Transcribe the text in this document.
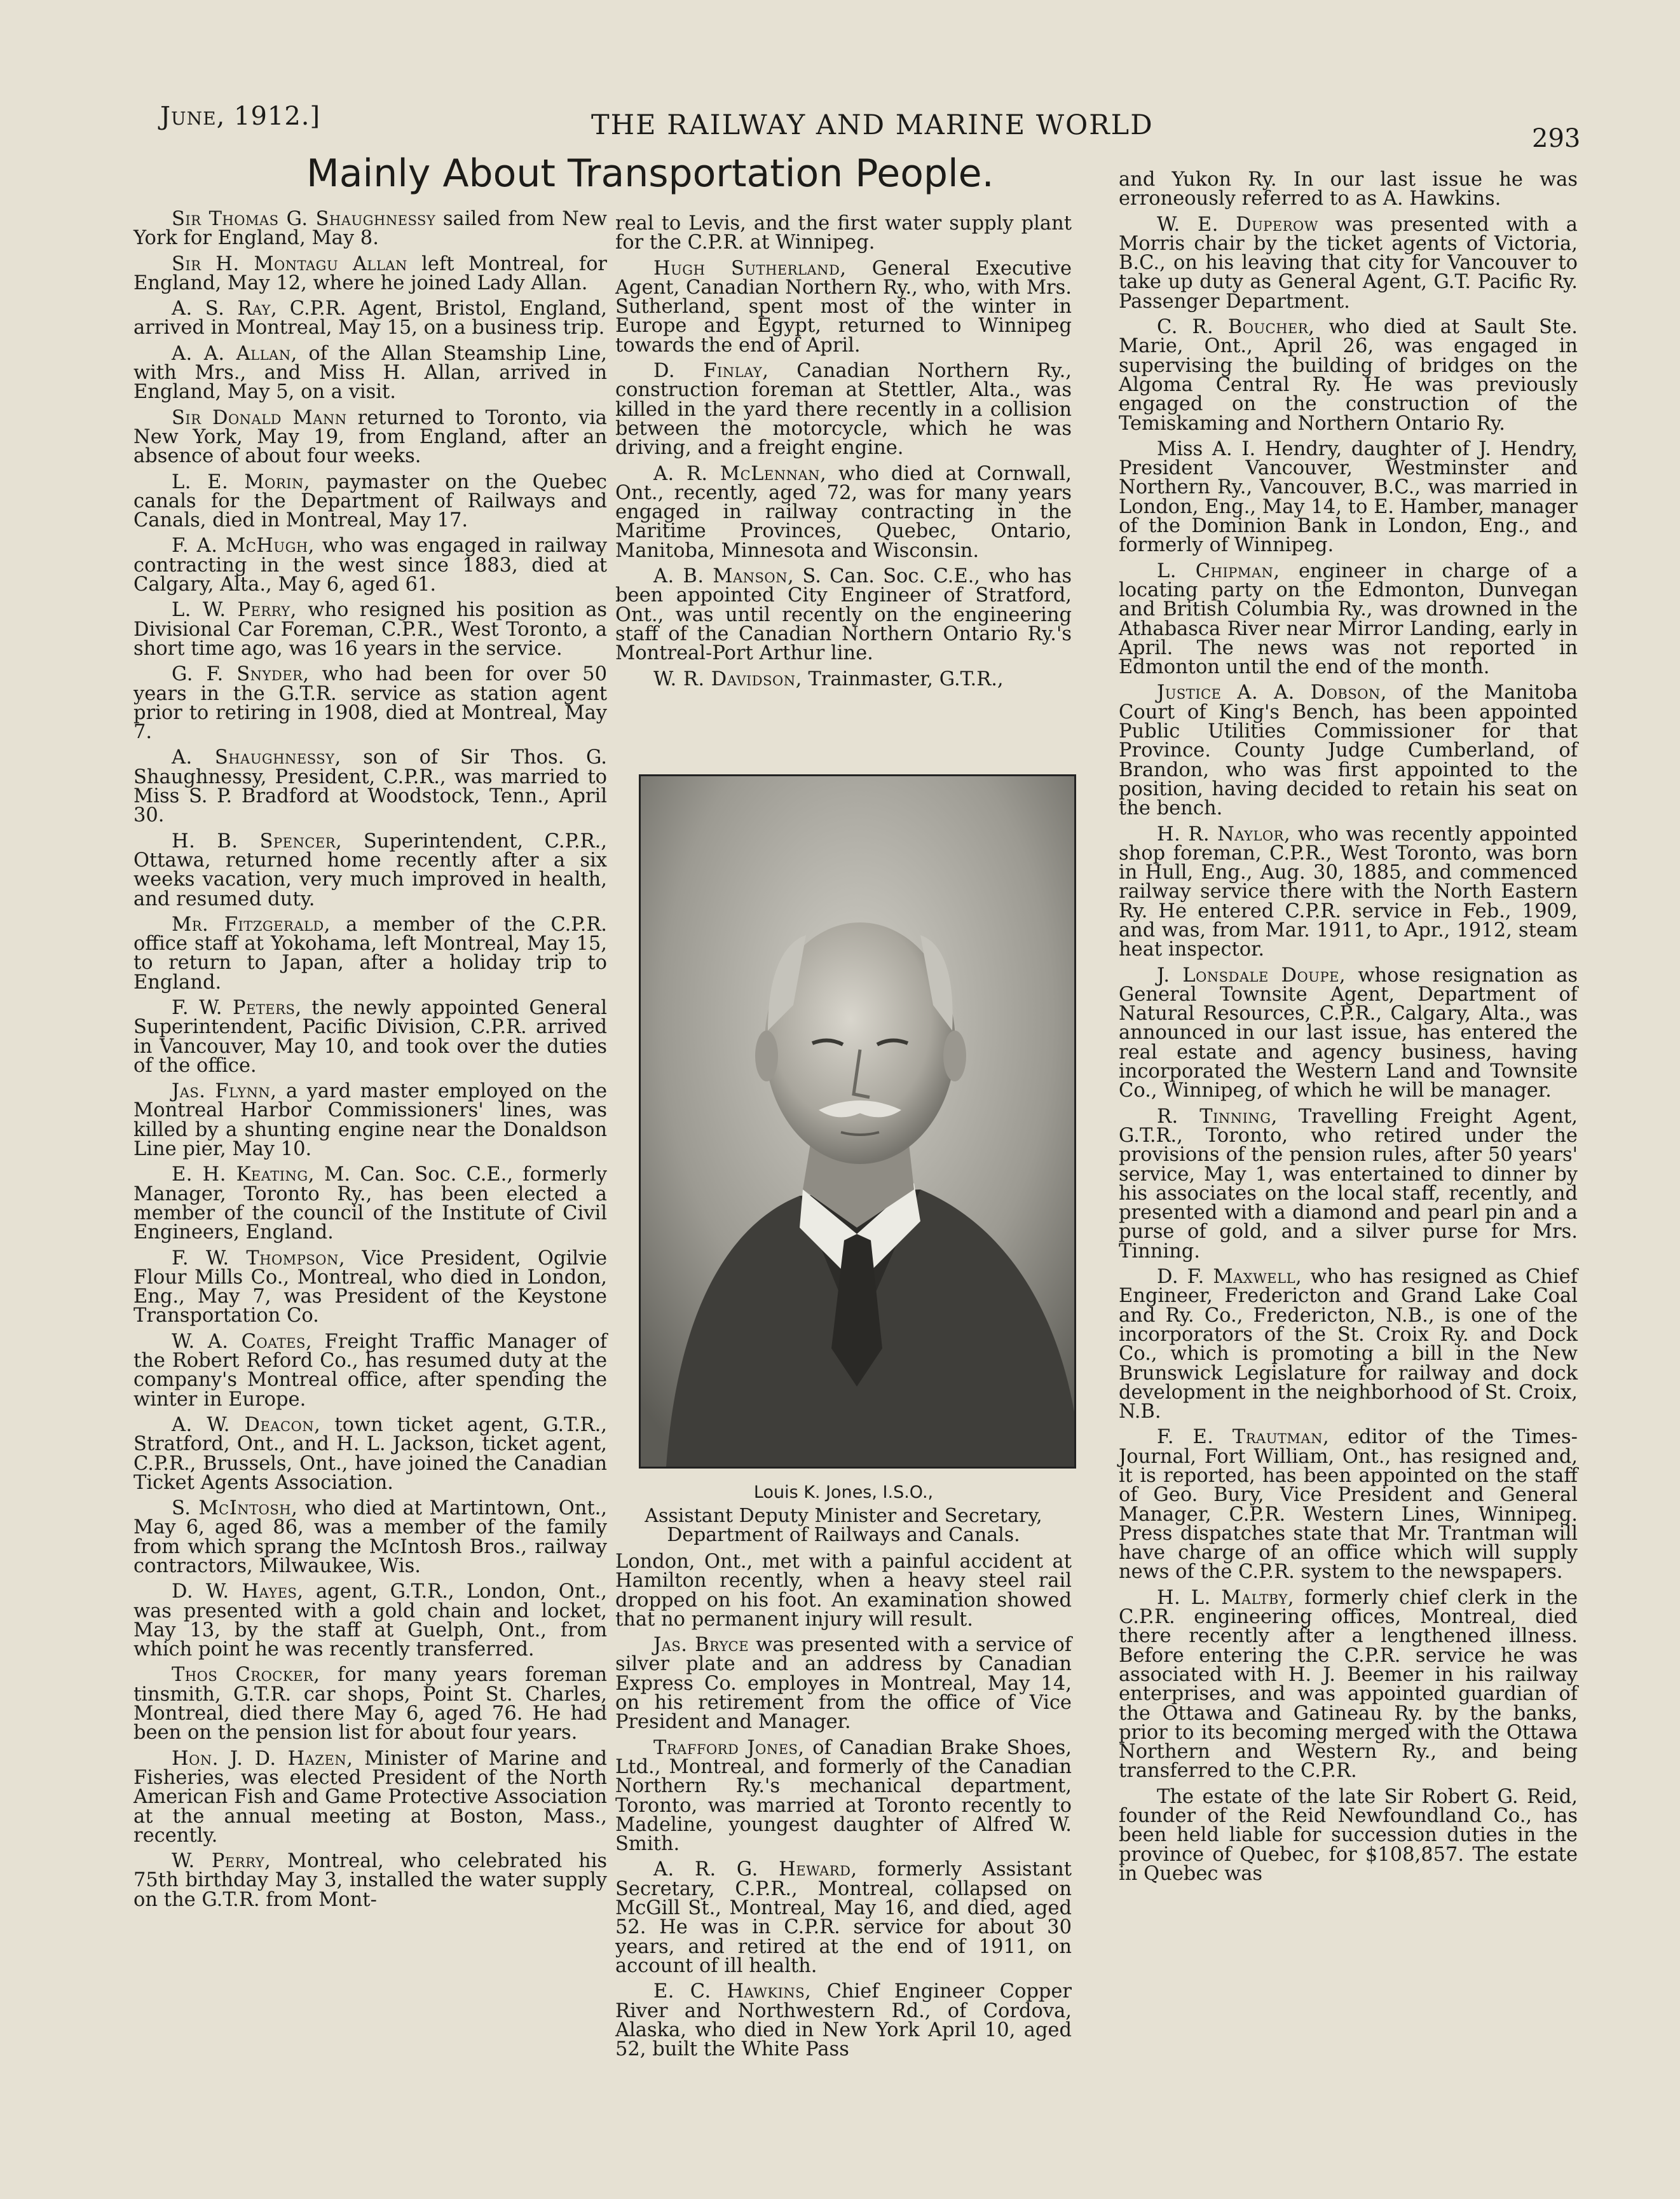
June, 1912.]	THE RAILWAY AND MARINE WORLD	293
Mainly About Transportation People.

Sir Thomas G. Shaughnessy sailed from New York for England, May 8.

Sir H. Montagu Allan left Montreal, for England, May 12, where he joined Lady Allan.

A. S. Ray, C.P.R. Agent, Bristol, England, arrived in Montreal, May 15, on a business trip.

A. A. Allan, of the Allan Steamship Line, with Mrs., and Miss H. Allan, arrived in England, May 5, on a visit.

Sir Donald Mann returned to Toronto, via New York, May 19, from England, after an absence of about four weeks.

L. E. Morin, paymaster on the Quebec canals for the Department of Railways and Canals, died in Montreal, May 17.

F. A. McHugh, who was engaged in railway contracting in the west since 1883, died at Calgary, Alta., May 6, aged 61.

L. W. Perry, who resigned his position as Divisional Car Foreman, C.P.R., West Toronto, a short time ago, was 16 years in the service.

G. F. Snyder, who had been for over 50 years in the G.T.R. service as station agent prior to retiring in 1908, died at Montreal, May 7.

A. Shaughnessy, son of Sir Thos. G. Shaughnessy, President, C.P.R., was married to Miss S. P. Bradford at Woodstock, Tenn., April 30.

H. B. Spencer, Superintendent, C.P.R., Ottawa, returned home recently after a six weeks vacation, very much improved in health, and resumed duty.

Mr. Fitzgerald, a member of the C.P.R. office staff at Yokohama, left Montreal, May 15, to return to Japan, after a holiday trip to England.

F. W. Peters, the newly appointed General Superintendent, Pacific Division, C.P.R. arrived in Vancouver, May 10, and took over the duties of the office.

Jas. Flynn, a yard master employed on the Montreal Harbor Commissioners' lines, was killed by a shunting engine near the Donaldson Line pier, May 10.

E. H. Keating, M. Can. Soc. C.E., formerly Manager, Toronto Ry., has been elected a member of the council of the Institute of Civil Engineers, England.

F. W. Thompson, Vice President, Ogilvie Flour Mills Co., Montreal, who died in London, Eng., May 7, was President of the Keystone Transportation Co.

W. A. Coates, Freight Traffic Manager of the Robert Reford Co., has resumed duty at the company's Montreal office, after spending the winter in Europe.

A. W. Deacon, town ticket agent, G.T.R., Stratford, Ont., and H. L. Jackson, ticket agent, C.P.R., Brussels, Ont., have joined the Canadian Ticket Agents Association.

S. McIntosh, who died at Martintown, Ont., May 6, aged 86, was a member of the family from which sprang the McIntosh Bros., railway contractors, Milwaukee, Wis.

D. W. Hayes, agent, G.T.R., London, Ont., was presented with a gold chain and locket, May 13, by the staff at Guelph, Ont., from which point he was recently transferred.

Thos Crocker, for many years foreman tinsmith, G.T.R. car shops, Point St. Charles, Montreal, died there May 6, aged 76. He had been on the pension list for about four years.

Hon. J. D. Hazen, Minister of Marine and Fisheries, was elected President of the North American Fish and Game Protective Association at the annual meeting at Boston, Mass., recently.

W. Perry, Montreal, who celebrated his 75th birthday May 3, installed the water supply on the G.T.R. from Mont-

real to Levis, and the first water supply plant for the C.P.R. at Winnipeg.

Hugh Sutherland, General Executive Agent, Canadian Northern Ry., who, with Mrs. Sutherland, spent most of the winter in Europe and Egypt, returned to Winnipeg towards the end of April.

D. Finlay, Canadian Northern Ry., construction foreman at Stettler, Alta., was killed in the yard there recently in a collision between the motorcycle, which he was driving, and a freight engine.

A. R. McLennan, who died at Cornwall, Ont., recently, aged 72, was for many years engaged in railway contracting in the Maritime Provinces, Quebec, Ontario, Manitoba, Minnesota and Wisconsin.

A. B. Manson, S. Can. Soc. C.E., who has been appointed City Engineer of Stratford, Ont., was until recently on the engineering staff of the Canadian Northern Ontario Ry.'s Montreal-Port Arthur line.

W. R. Davidson, Trainmaster, G.T.R.,

Louis K. Jones, I.S.O.,
Assistant Deputy Minister and Secretary, Department of Railways and Canals.

London, Ont., met with a painful accident at Hamilton recently, when a heavy steel rail dropped on his foot. An examination showed that no permanent injury will result.

Jas. Bryce was presented with a service of silver plate and an address by Canadian Express Co. employes in Montreal, May 14, on his retirement from the office of Vice President and Manager.

Trafford Jones, of Canadian Brake Shoes, Ltd., Montreal, and formerly of the Canadian Northern Ry.'s mechanical department, Toronto, was married at Toronto recently to Madeline, youngest daughter of Alfred W. Smith.

A. R. G. Heward, formerly Assistant Secretary, C.P.R., Montreal, collapsed on McGill St., Montreal, May 16, and died, aged 52. He was in C.P.R. service for about 30 years, and retired at the end of 1911, on account of ill health.

E. C. Hawkins, Chief Engineer Copper River and Northwestern Rd., of Cordova, Alaska, who died in New York April 10, aged 52, built the White Pass

and Yukon Ry. In our last issue he was erroneously referred to as A. Hawkins.

W. E. Duperow was presented with a Morris chair by the ticket agents of Victoria, B.C., on his leaving that city for Vancouver to take up duty as General Agent, G.T. Pacific Ry. Passenger Department.

C. R. Boucher, who died at Sault Ste. Marie, Ont., April 26, was engaged in supervising the building of bridges on the Algoma Central Ry. He was previously engaged on the construction of the Temiskaming and Northern Ontario Ry.

Miss A. I. Hendry, daughter of J. Hendry, President Vancouver, Westminster and Northern Ry., Vancouver, B.C., was married in London, Eng., May 14, to E. Hamber, manager of the Dominion Bank in London, Eng., and formerly of Winnipeg.

L. Chipman, engineer in charge of a locating party on the Edmonton, Dunvegan and British Columbia Ry., was drowned in the Athabasca River near Mirror Landing, early in April. The news was not reported in Edmonton until the end of the month.

Justice A. A. Dobson, of the Manitoba Court of King's Bench, has been appointed Public Utilities Commissioner for that Province. County Judge Cumberland, of Brandon, who was first appointed to the position, having decided to retain his seat on the bench.

H. R. Naylor, who was recently appointed shop foreman, C.P.R., West Toronto, was born in Hull, Eng., Aug. 30, 1885, and commenced railway service there with the North Eastern Ry. He entered C.P.R. service in Feb., 1909, and was, from Mar. 1911, to Apr., 1912, steam heat inspector.

J. Lonsdale Doupe, whose resignation as General Townsite Agent, Department of Natural Resources, C.P.R., Calgary, Alta., was announced in our last issue, has entered the real estate and agency business, having incorporated the Western Land and Townsite Co., Winnipeg, of which he will be manager.

R. Tinning, Travelling Freight Agent, G.T.R., Toronto, who retired under the provisions of the pension rules, after 50 years' service, May 1, was entertained to dinner by his associates on the local staff, recently, and presented with a diamond and pearl pin and a purse of gold, and a silver purse for Mrs. Tinning.

D. F. Maxwell, who has resigned as Chief Engineer, Fredericton and Grand Lake Coal and Ry. Co., Fredericton, N.B., is one of the incorporators of the St. Croix Ry. and Dock Co., which is promoting a bill in the New Brunswick Legislature for railway and dock development in the neighborhood of St. Croix, N.B.

F. E. Trautman, editor of the Times-Journal, Fort William, Ont., has resigned and, it is reported, has been appointed on the staff of Geo. Bury, Vice President and General Manager, C.P.R. Western Lines, Winnipeg. Press dispatches state that Mr. Trantman will have charge of an office which will supply news of the C.P.R. system to the newspapers.

H. L. Maltby, formerly chief clerk in the C.P.R. engineering offices, Montreal, died there recently after a lengthened illness. Before entering the C.P.R. service he was associated with H. J. Beemer in his railway enterprises, and was appointed guardian of the Ottawa and Gatineau Ry. by the banks, prior to its becoming merged with the Ottawa Northern and Western Ry., and being transferred to the C.P.R.

The estate of the late Sir Robert G. Reid, founder of the Reid Newfoundland Co., has been held liable for succession duties in the province of Quebec, for $108,857. The estate in Quebec was
